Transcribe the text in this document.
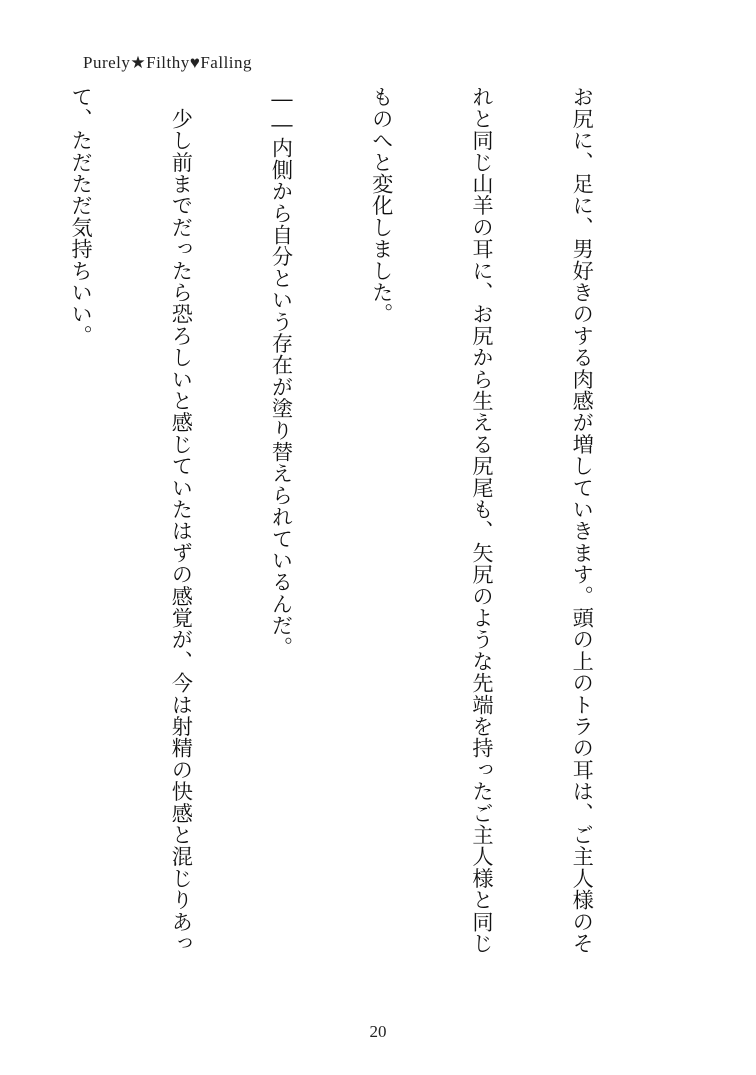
Purely★Filthy♥Falling

お尻に、足に、男好きのする肉感が増していきます。頭の上のトラの耳は、ご主人様のそ

れと同じ山羊の耳に、お尻から生える尻尾も、矢尻のような先端を持ったご主人様と同じ

ものへと変化しました。

――内側から自分という存在が塗り替えられているんだ。

　少し前までだったら恐ろしいと感じていたはずの感覚が、今は射精の快感と混じりあっ

て、ただただ気持ちいい。

20
